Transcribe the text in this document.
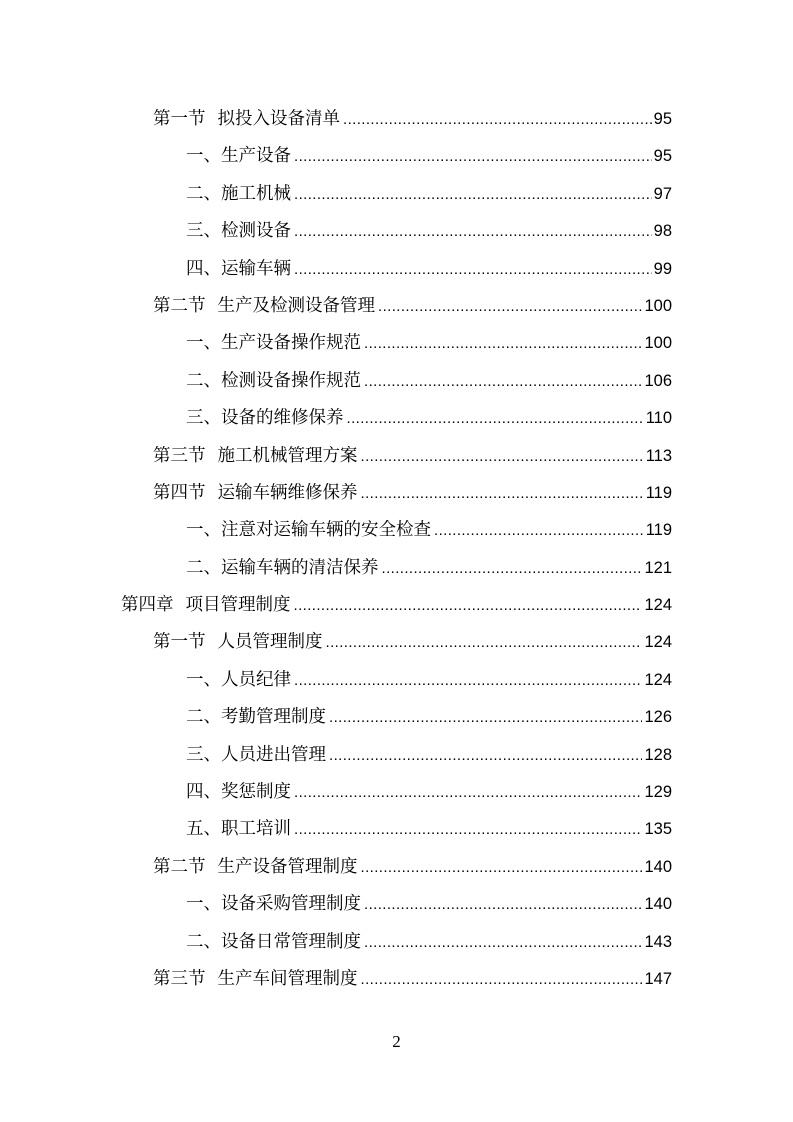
第一节 拟投入设备清单 .....	95
一、生产设备 .....	95
二、施工机械 .....	97
三、检测设备 .....	98
四、运输车辆 .....	99
第二节 生产及检测设备管理 .....	100
一、生产设备操作规范 .....	100
二、检测设备操作规范 .....	106
三、设备的维修保养 .....	110
第三节 施工机械管理方案 .....	113
第四节 运输车辆维修保养 .....	119
一、注意对运输车辆的安全检查 .....	119
二、运输车辆的清洁保养 .....	121
第四章 项目管理制度 .....	124
第一节 人员管理制度 .....	124
一、人员纪律 .....	124
二、考勤管理制度 .....	126
三、人员进出管理 .....	128
四、奖惩制度 .....	129
五、职工培训 .....	135
第二节 生产设备管理制度 .....	140
一、设备采购管理制度 .....	140
二、设备日常管理制度 .....	143
第三节 生产车间管理制度 .....	147
2
